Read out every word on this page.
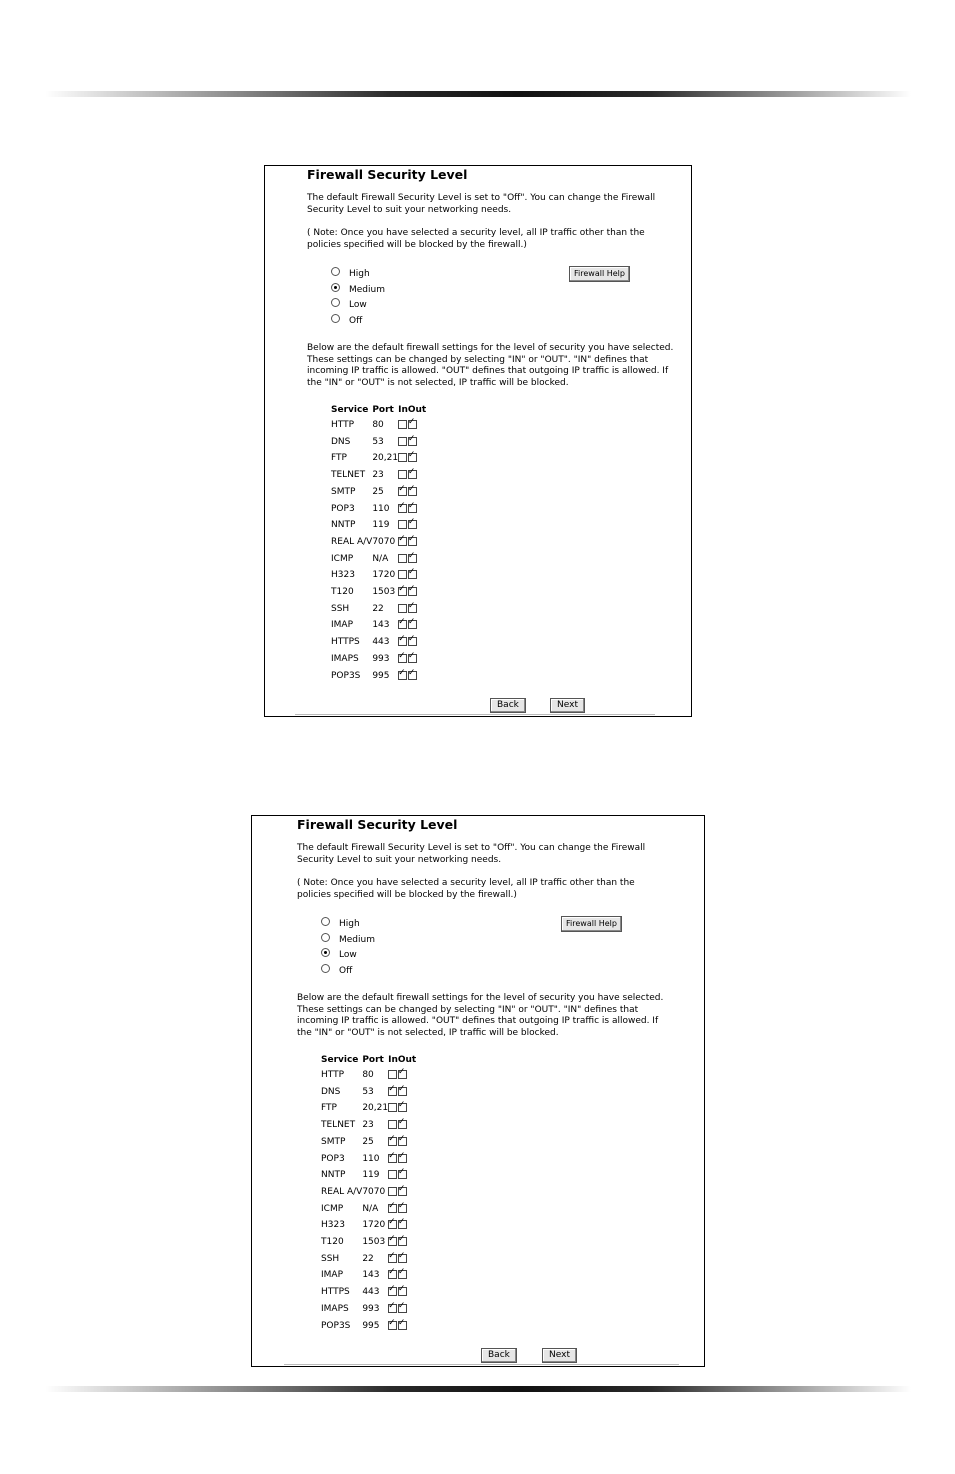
Firewall Security Level
The default Firewall Security Level is set to "Off". You can change the Firewall Security Level to suit your networking needs.
( Note: Once you have selected a security level, all IP traffic other than the policies specified will be blocked by the firewall.)
High
Medium
Low
Off
Firewall Help
Below are the default firewall settings for the level of security you have selected. These settings can be changed by selecting "IN" or "OUT". "IN" defines that incoming IP traffic is allowed. "OUT" defines that outgoing IP traffic is allowed. If the "IN" or "OUT" is not selected, IP traffic will be blocked.
Service	Port	In	Out
HTTP	80		✓
DNS	53		✓
FTP	20,21		✓
TELNET	23		✓
SMTP	25	✓	✓
POP3	110	✓	✓
NNTP	119		✓
REAL A/V	7070	✓	✓
ICMP	N/A		✓
H323	1720		✓
T120	1503	✓	✓
SSH	22		✓
IMAP	143	✓	✓
HTTPS	443	✓	✓
IMAPS	993	✓	✓
POP3S	995	✓	✓
Back	Next
Firewall Security Level
The default Firewall Security Level is set to "Off". You can change the Firewall Security Level to suit your networking needs.
( Note: Once you have selected a security level, all IP traffic other than the policies specified will be blocked by the firewall.)
High
Medium
Low
Off
Firewall Help
Below are the default firewall settings for the level of security you have selected. These settings can be changed by selecting "IN" or "OUT". "IN" defines that incoming IP traffic is allowed. "OUT" defines that outgoing IP traffic is allowed. If the "IN" or "OUT" is not selected, IP traffic will be blocked.
Service	Port	In	Out
HTTP	80		✓
DNS	53	✓	✓
FTP	20,21		✓
TELNET	23		✓
SMTP	25	✓	✓
POP3	110	✓	✓
NNTP	119		✓
REAL A/V	7070		✓
ICMP	N/A	✓	✓
H323	1720	✓	✓
T120	1503	✓	✓
SSH	22	✓	✓
IMAP	143	✓	✓
HTTPS	443	✓	✓
IMAPS	993	✓	✓
POP3S	995	✓	✓
Back	Next
